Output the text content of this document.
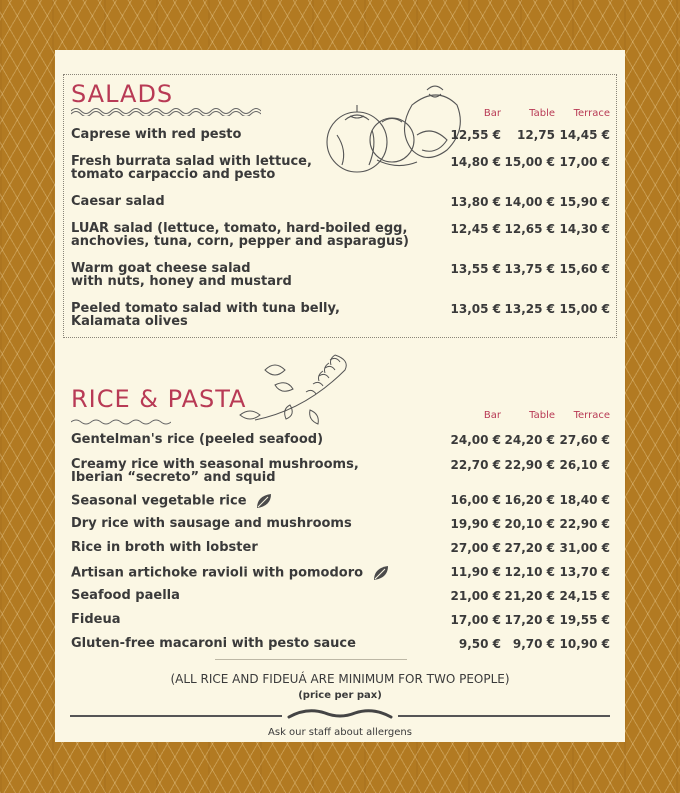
SALADS
Bar	Table	Terrace
Caprese with red pesto	12,55 €	12,75 14,45 €
Fresh burrata salad with lettuce,
tomato carpaccio and pesto
14,80 € 15,00 € 17,00 €
Caesar salad	13,80 € 14,00 € 15,90 €
LUAR salad (lettuce, tomato, hard-boiled egg,
anchovies, tuna, corn, pepper and asparagus)
12,45 € 12,65 € 14,30 €
Warm goat cheese salad
with nuts, honey and mustard
13,55 € 13,75 € 15,60 €
Peeled tomato salad with tuna belly,
Kalamata olives
13,05 € 13,25 € 15,00 €
RICE & PASTA
Bar	Table	Terrace
Gentelman's rice (peeled seafood)	24,00 € 24,20 € 27,60 €
Creamy rice with seasonal mushrooms,
Iberian “secreto” and squid
22,70 € 22,90 € 26,10 €
Seasonal vegetable rice	16,00 € 16,20 € 18,40 €
Dry rice with sausage and mushrooms	19,90 € 20,10 € 22,90 €
Rice in broth with lobster	27,00 € 27,20 € 31,00 €
Artisan artichoke ravioli with pomodoro	11,90 € 12,10 € 13,70 €
Seafood paella	21,00 € 21,20 € 24,15 €
Fideua	17,00 € 17,20 € 19,55 €
Gluten-free macaroni with pesto sauce	9,50 € 9,70 € 10,90 €
(ALL RICE AND FIDEUÁ ARE MINIMUM FOR TWO PEOPLE)
(price per pax)
Ask our staff about allergens
